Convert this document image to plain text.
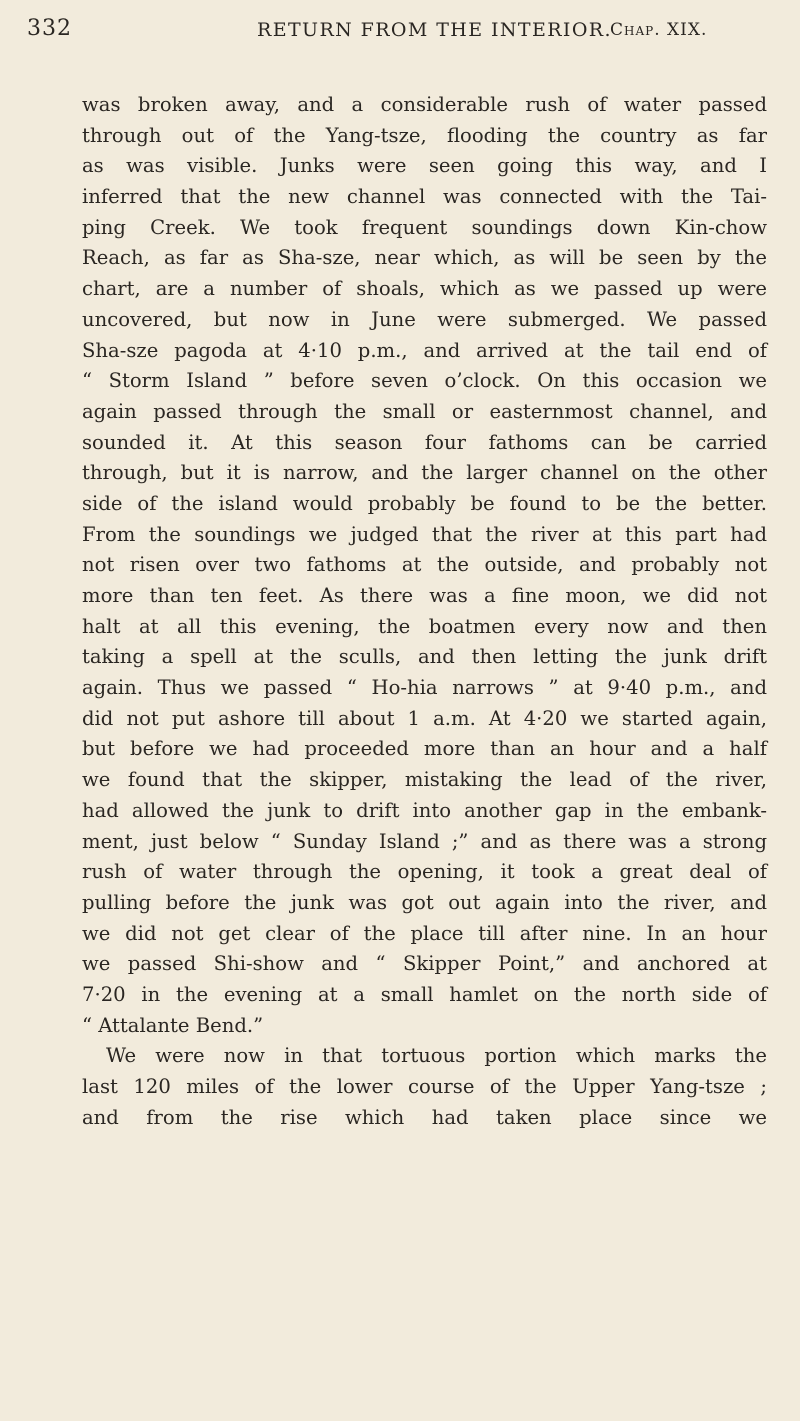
332	RETURN FROM THE INTERIOR.
Chap. XIX.
was broken away, and a considerable rush of water passed
through out of the Yang-tsze, flooding the country as far
as was visible. Junks were seen going this way, and I
inferred that the new channel was connected with the Tai-
ping Creek. We took frequent soundings down Kin-chow
Reach, as far as Sha-sze, near which, as will be seen by the
chart, are a number of shoals, which as we passed up were
uncovered, but now in June were submerged. We passed
Sha-sze pagoda at 4·10 p.m., and arrived at the tail end of
“ Storm Island ” before seven o’clock. On this occasion we
again passed through the small or easternmost channel, and
sounded it. At this season four fathoms can be carried
through, but it is narrow, and the larger channel on the other
side of the island would probably be found to be the better.
From the soundings we judged that the river at this part had
not risen over two fathoms at the outside, and probably not
more than ten feet. As there was a fine moon, we did not
halt at all this evening, the boatmen every now and then
taking a spell at the sculls, and then letting the junk drift
again. Thus we passed “ Ho-hia narrows ” at 9·40 p.m., and
did not put ashore till about 1 a.m. At 4·20 we started again,
but before we had proceeded more than an hour and a half
we found that the skipper, mistaking the lead of the river,
had allowed the junk to drift into another gap in the embank-
ment, just below “ Sunday Island ;” and as there was a strong
rush of water through the opening, it took a great deal of
pulling before the junk was got out again into the river, and
we did not get clear of the place till after nine. In an hour
we passed Shi-show and “ Skipper Point,” and anchored at
7·20 in the evening at a small hamlet on the north side of
“ Attalante Bend.”
We were now in that tortuous portion which marks the
last 120 miles of the lower course of the Upper Yang-tsze ;
and from the rise which had taken place since we
